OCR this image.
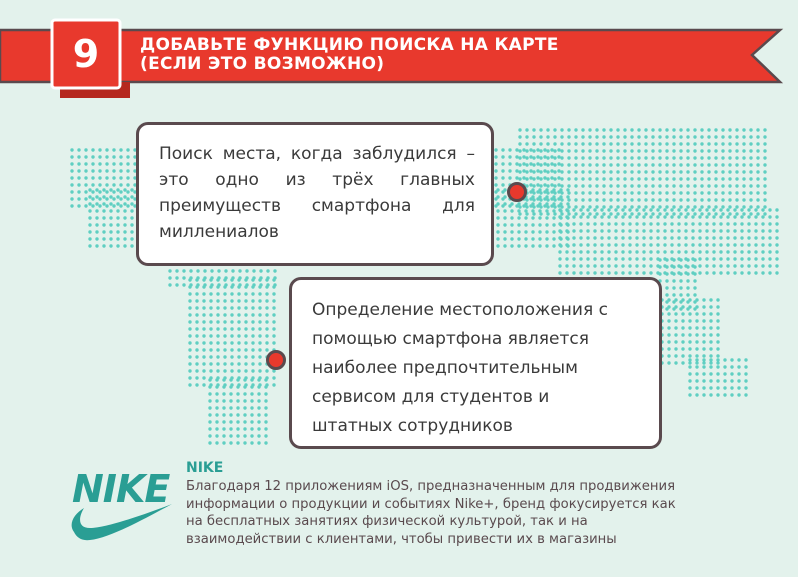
9	ДОБАВЬТЕ ФУНКЦИЮ ПОИСКА НА КАРТЕ
(ЕСЛИ ЭТО ВОЗМОЖНО)
Поиск места, когда заблудился – это одно из трёх главных преимуществ смартфона для миллениалов
Определение местоположения с
помощью смартфона является
наиболее предпочтительным
сервисом для студентов и
штатных сотрудников
NIKE NIKE
Благодаря 12 приложениям iOS, предназначенным для продвижения
информации о продукции и событиях Nike+, бренд фокусируется как
на бесплатных занятиях физической культурой, так и на
взаимодействии с клиентами, чтобы привести их в магазины
